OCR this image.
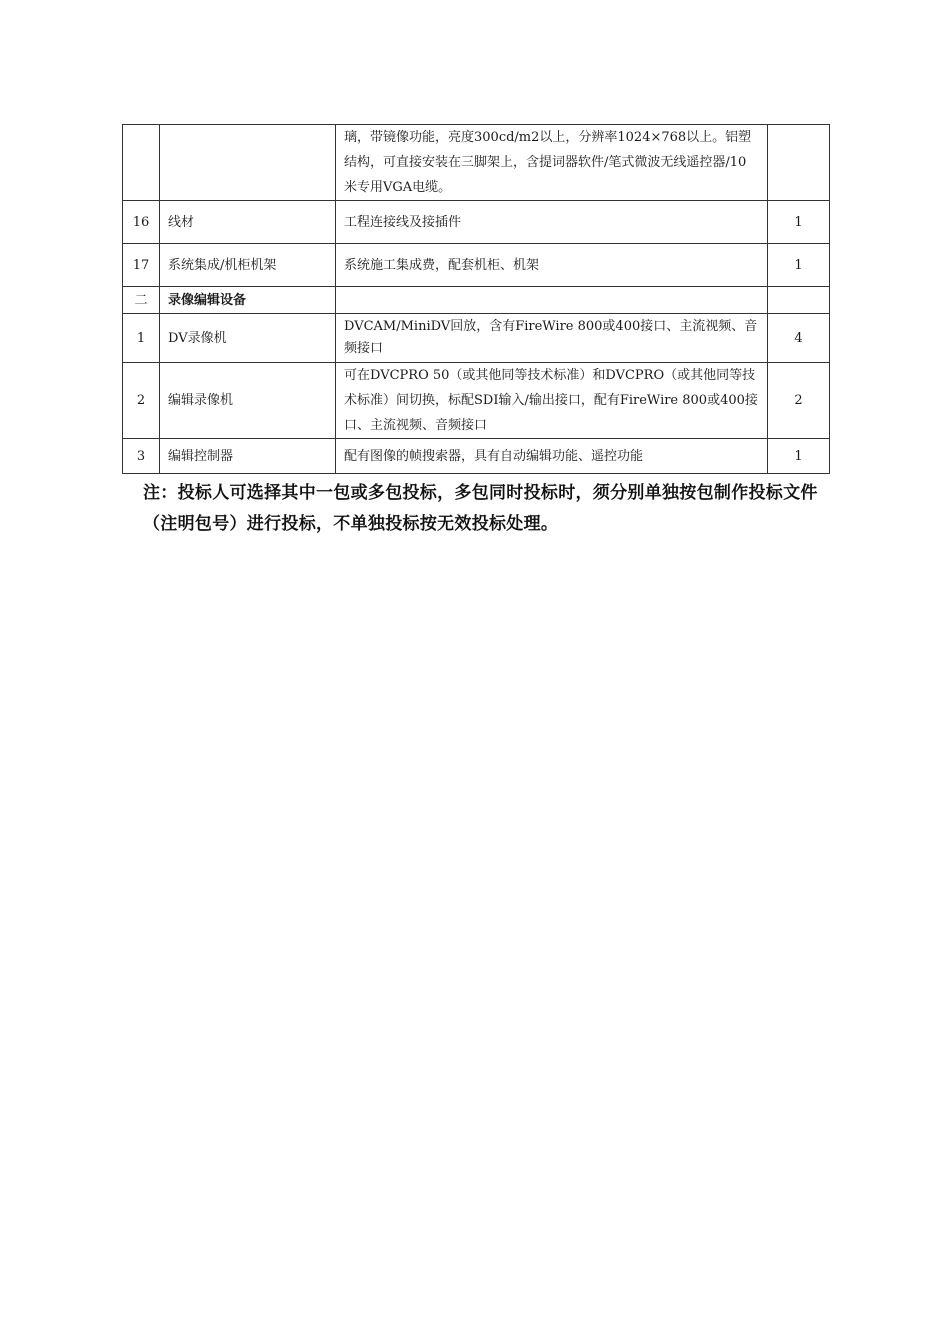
		璃，带镜像功能，亮度300cd/m2以上，分辨率1024×768以上。铝塑结构，可直接安装在三脚架上，含提词器软件/笔式微波无线遥控器/10米专用VGA电缆。	
16	线材	工程连接线及接插件	1
17	系统集成/机柜机架	系统施工集成费，配套机柜、机架	1
二	录像编辑设备		
1	DV录像机	DVCAM/MiniDV回放，含有FireWire 800或400接口、主流视频、音频接口	4
2	编辑录像机	可在DVCPRO 50（或其他同等技术标准）和DVCPRO（或其他同等技术标准）间切换，标配SDI输入/输出接口，配有FireWire 800或400接口、主流视频、音频接口	2
3	编辑控制器	配有图像的帧搜索器，具有自动编辑功能、遥控功能	1
注：投标人可选择其中一包或多包投标，多包同时投标时，须分别单独按包制作投标文件（注明包号）进行投标，不单独投标按无效投标处理。
